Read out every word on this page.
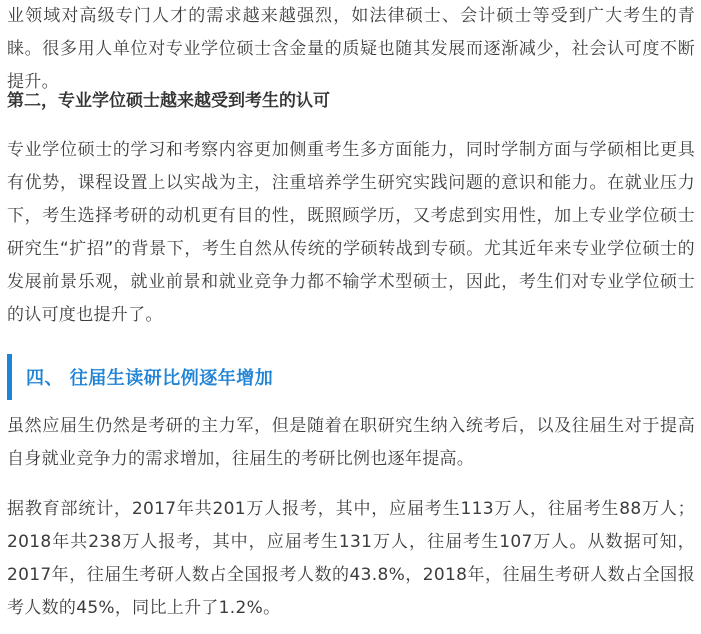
业领域对高级专门人才的需求越来越强烈，如法律硕士、会计硕士等受到广大考生的青睐。很多用人单位对专业学位硕士含金量的质疑也随其发展而逐渐减少，社会认可度不断提升。

第二，专业学位硕士越来越受到考生的认可

专业学位硕士的学习和考察内容更加侧重考生多方面能力，同时学制方面与学硕相比更具有优势，课程设置上以实战为主，注重培养学生研究实践问题的意识和能力。在就业压力下，考生选择考研的动机更有目的性，既照顾学历，又考虑到实用性，加上专业学位硕士研究生“扩招”的背景下，考生自然从传统的学硕转战到专硕。尤其近年来专业学位硕士的发展前景乐观，就业前景和就业竞争力都不输学术型硕士，因此，考生们对专业学位硕士的认可度也提升了。

四、 往届生读研比例逐年增加

虽然应届生仍然是考研的主力军，但是随着在职研究生纳入统考后，以及往届生对于提高自身就业竞争力的需求增加，往届生的考研比例也逐年提高。

据教育部统计，2017年共201万人报考，其中，应届考生113万人，往届考生88万人；2018年共238万人报考，其中，应届考生131万人，往届考生107万人。从数据可知，2017年，往届生考研人数占全国报考人数的43.8%，2018年，往届生考研人数占全国报考人数的45%，同比上升了1.2%。
